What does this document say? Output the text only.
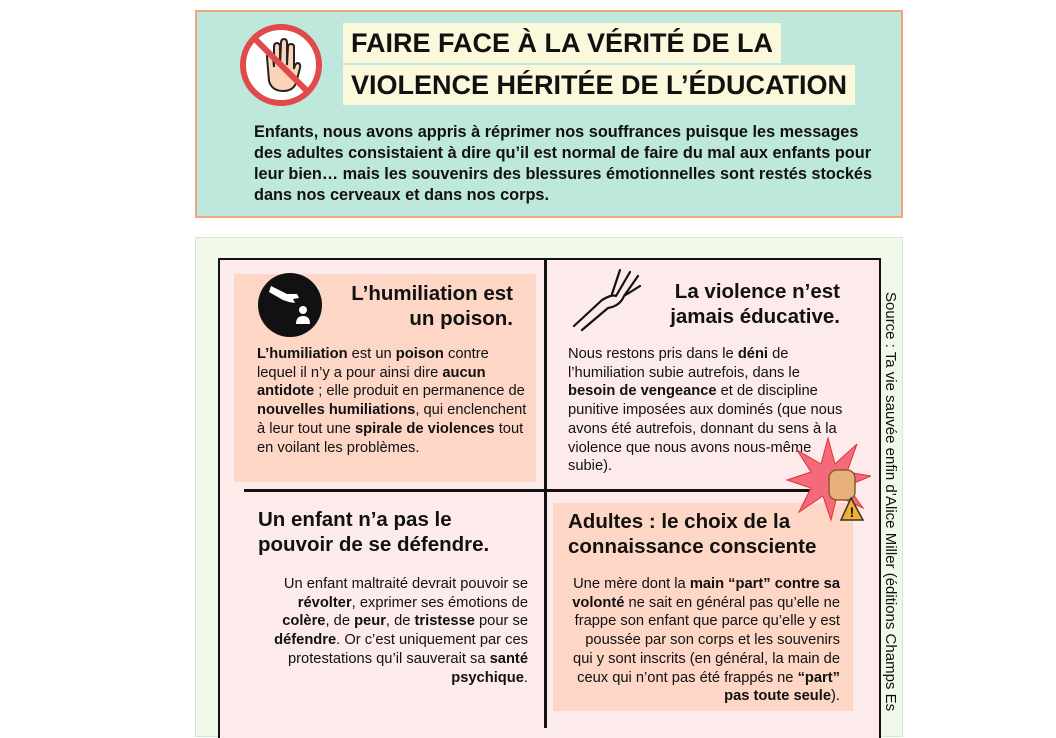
FAIRE FACE À LA VÉRITÉ DE LA
VIOLENCE HÉRITÉE DE L’ÉDUCATION
Enfants, nous avons appris à réprimer nos souffrances puisque les messages des adultes consistaient à dire qu’il est normal de faire du mal aux enfants pour leur bien… mais les souvenirs des blessures émotionnelles sont restés stockés dans nos cerveaux et dans nos corps.
L’humiliation est
un poison.
L’humiliation est un poison contre lequel il n’y a pour ainsi dire aucun antidote ; elle produit en permanence de nouvelles humiliations, qui enclenchent à leur tout une spirale de violences tout en voilant les problèmes.
La violence n’est
jamais éducative.
Nous restons pris dans le déni de l’humiliation subie autrefois, dans le besoin de vengeance et de discipline punitive imposées aux dominés (que nous avons été autrefois, donnant du sens à la violence que nous avons nous-même subie).
!
Un enfant n’a pas le
pouvoir de se défendre.
Un enfant maltraité devrait pouvoir se révolter, exprimer ses émotions de colère, de peur, de tristesse pour se défendre. Or c’est uniquement par ces protestations qu’il sauverait sa santé psychique.
Adultes : le choix de la
connaissance consciente
Une mère dont la main “part” contre sa volonté ne sait en général pas qu’elle ne frappe son enfant que parce qu’elle y est poussée par son corps et les souvenirs qui y sont inscrits (en général, la main de ceux qui n’ont pas été frappés ne “part” pas toute seule).	Source : Ta vie sauvée enfin d’Alice Miller (éditions Champs Es
